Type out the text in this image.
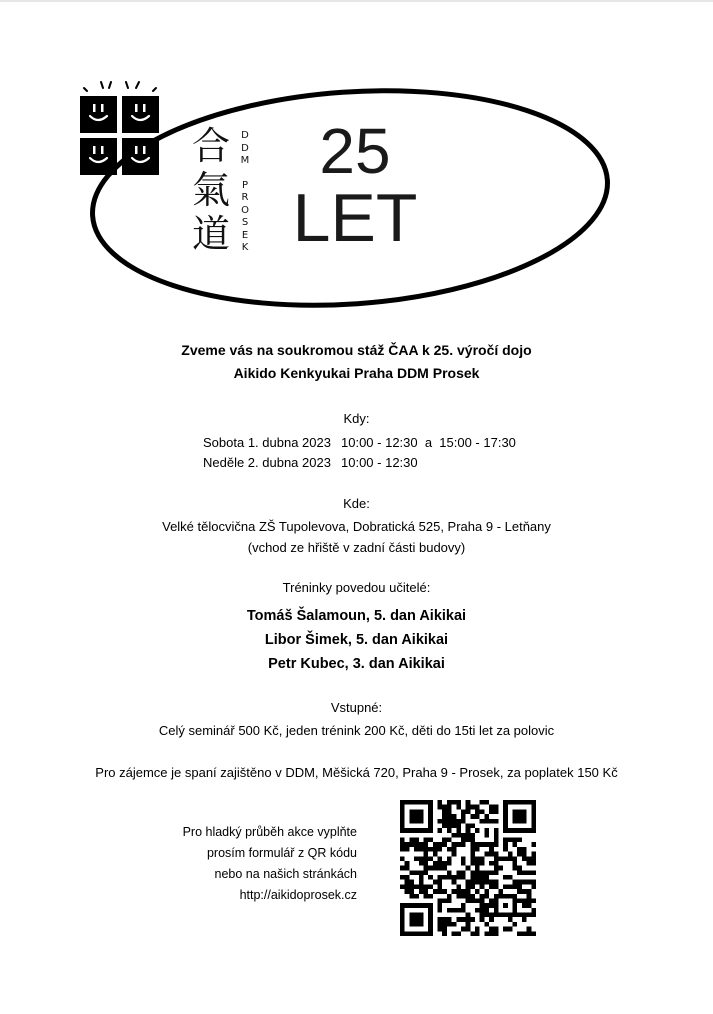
合
氣
道
D
D
M
P
R
O
S
E
K
25
LET
Zveme vás na soukromou stáž ČAA k 25. výročí dojo
Aikido Kenkyukai Praha DDM Prosek
Kdy:
Sobota 1. dubna 2023 10:00 - 12:30  a  15:00 - 17:30
Neděle 2. dubna 2023 10:00 - 12:30
Kde:
Velké tělocvična ZŠ Tupolevova, Dobratická 525, Praha 9 - Letňany
(vchod ze hřiště v zadní části budovy)
Tréninky povedou učitelé:
Tomáš Šalamoun, 5. dan Aikikai
Libor Šimek, 5. dan Aikikai
Petr Kubec, 3. dan Aikikai
Vstupné:
Celý seminář 500 Kč, jeden trénink 200 Kč, děti do 15ti let za polovic
Pro zájemce je spaní zajištěno v DDM, Měšická 720, Praha 9 - Prosek, za poplatek 150 Kč
Pro hladký průběh akce vyplňte
prosím formulář z QR kódu
nebo na našich stránkách
http://aikidoprosek.cz
